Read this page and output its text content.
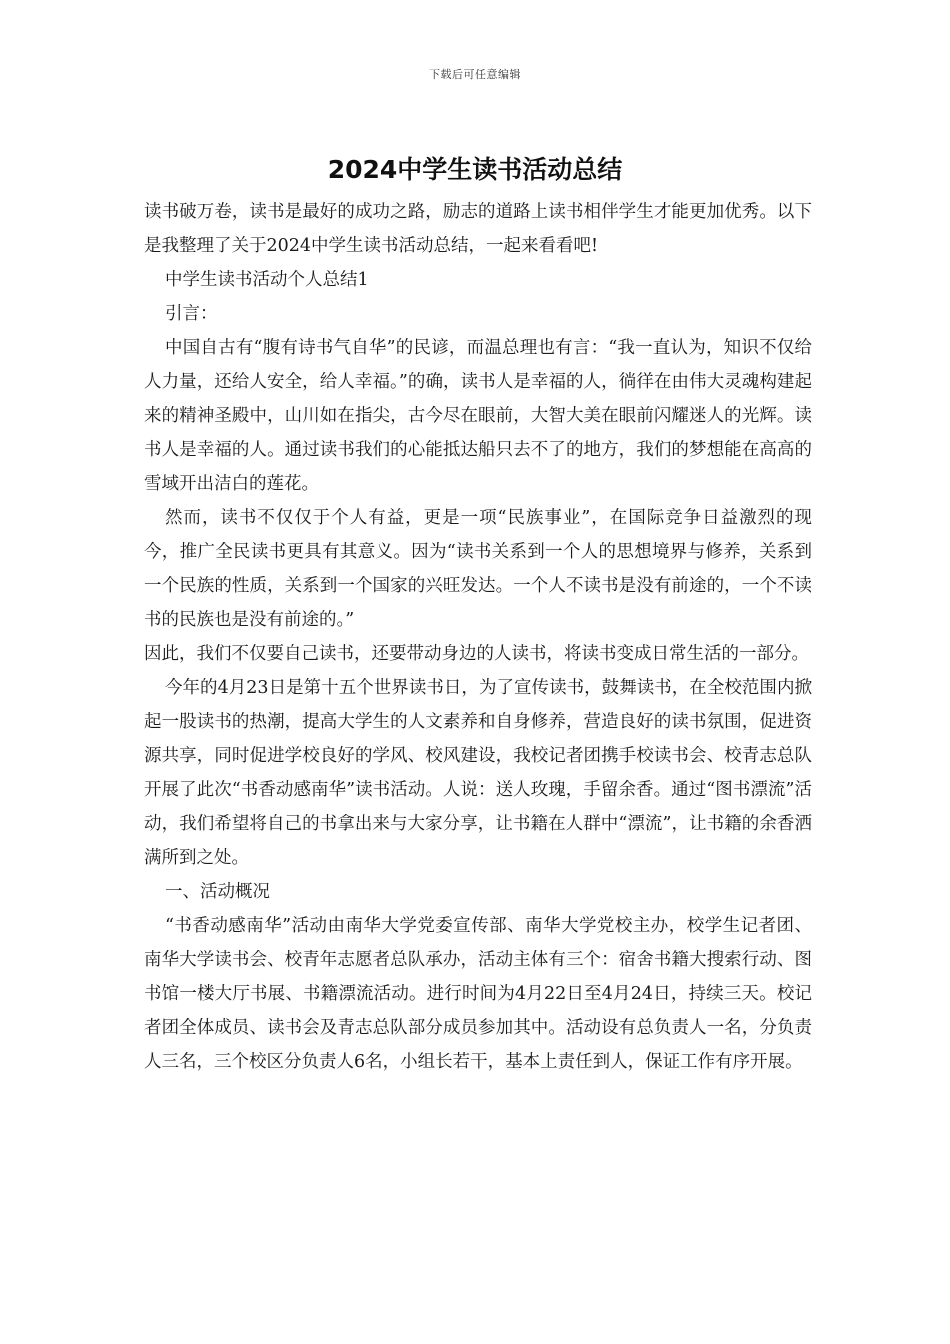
下载后可任意编辑
2024中学生读书活动总结

读书破万卷，读书是最好的成功之路，励志的道路上读书相伴学生才能更加优秀。以下是我整理了关于2024中学生读书活动总结，一起来看看吧!

中学生读书活动个人总结1

引言：

中国自古有“腹有诗书气自华”的民谚，而温总理也有言：“我一直认为，知识不仅给人力量，还给人安全，给人幸福。”的确，读书人是幸福的人，徜徉在由伟大灵魂构建起来的精神圣殿中，山川如在指尖，古今尽在眼前，大智大美在眼前闪耀迷人的光辉。读书人是幸福的人。通过读书我们的心能抵达船只去不了的地方，我们的梦想能在高高的雪域开出洁白的莲花。

然而，读书不仅仅于个人有益，更是一项“民族事业”，在国际竞争日益激烈的现今，推广全民读书更具有其意义。因为“读书关系到一个人的思想境界与修养，关系到一个民族的性质，关系到一个国家的兴旺发达。一个人不读书是没有前途的，一个不读书的民族也是没有前途的。”

因此，我们不仅要自己读书，还要带动身边的人读书，将读书变成日常生活的一部分。

今年的4月23日是第十五个世界读书日，为了宣传读书，鼓舞读书，在全校范围内掀起一股读书的热潮，提高大学生的人文素养和自身修养，营造良好的读书氛围，促进资源共享，同时促进学校良好的学风、校风建设，我校记者团携手校读书会、校青志总队开展了此次“书香动感南华”读书活动。人说：送人玫瑰，手留余香。通过“图书漂流”活动，我们希望将自己的书拿出来与大家分享，让书籍在人群中“漂流”，让书籍的余香洒满所到之处。

一、活动概况

“书香动感南华”活动由南华大学党委宣传部、南华大学党校主办，校学生记者团、南华大学读书会、校青年志愿者总队承办，活动主体有三个：宿舍书籍大搜索行动、图书馆一楼大厅书展、书籍漂流活动。进行时间为4月22日至4月24日，持续三天。校记者团全体成员、读书会及青志总队部分成员参加其中。活动设有总负责人一名，分负责人三名，三个校区分负责人6名，小组长若干，基本上责任到人，保证工作有序开展。
